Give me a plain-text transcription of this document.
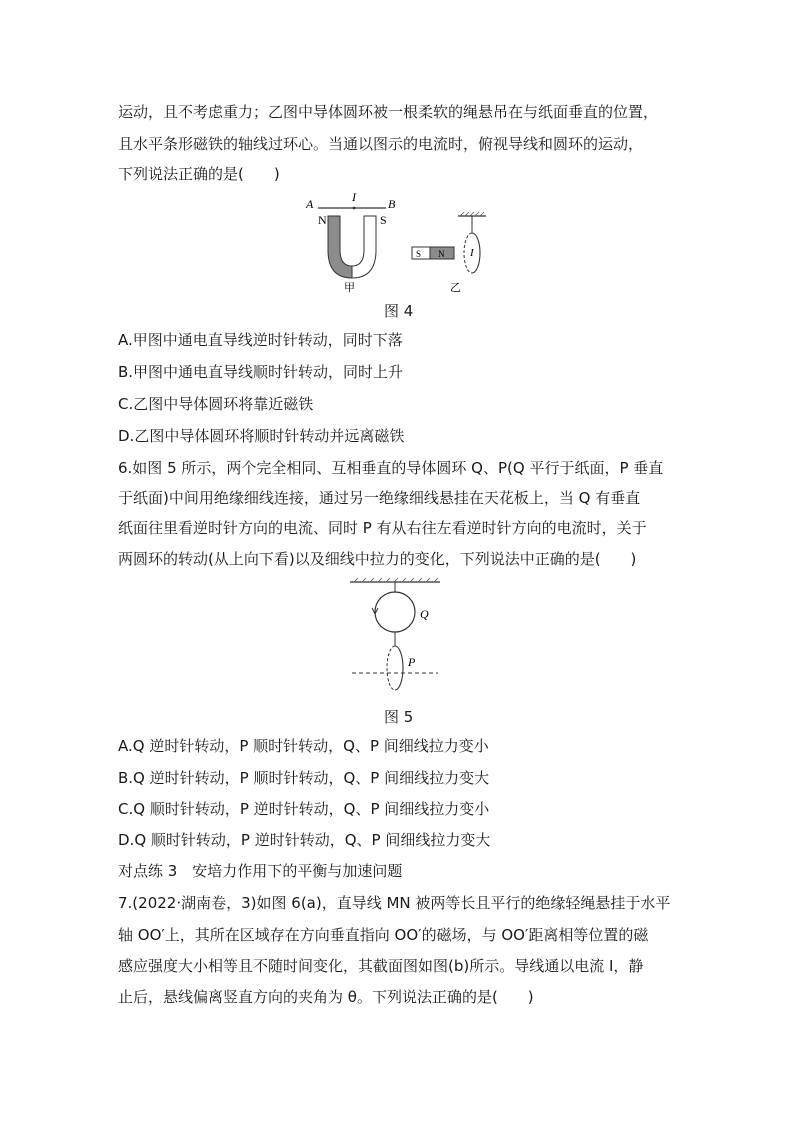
运动，且不考虑重力；乙图中导体圆环被一根柔软的绳悬吊在与纸面垂直的位置，
且水平条形磁铁的轴线过环心。当通以图示的电流时，俯视导线和圆环的运动，
下列说法正确的是(　　)
A	B
I
N	S
甲
S N I
乙
图 4
A.甲图中通电直导线逆时针转动，同时下落
B.甲图中通电直导线顺时针转动，同时上升
C.乙图中导体圆环将靠近磁铁
D.乙图中导体圆环将顺时针转动并远离磁铁
6.如图 5 所示，两个完全相同、互相垂直的导体圆环 Q、P(Q 平行于纸面，P 垂直
于纸面)中间用绝缘细线连接，通过另一绝缘细线悬挂在天花板上，当 Q 有垂直
纸面往里看逆时针方向的电流、同时 P 有从右往左看逆时针方向的电流时，关于
两圆环的转动(从上向下看)以及细线中拉力的变化，下列说法中正确的是(　　)
Q
P
图 5
A.Q 逆时针转动，P 顺时针转动，Q、P 间细线拉力变小
B.Q 逆时针转动，P 顺时针转动，Q、P 间细线拉力变大
C.Q 顺时针转动，P 逆时针转动，Q、P 间细线拉力变小
D.Q 顺时针转动，P 逆时针转动，Q、P 间细线拉力变大
对点练 3　安培力作用下的平衡与加速问题
7.(2022·湖南卷，3)如图 6(a)，直导线 MN 被两等长且平行的绝缘轻绳悬挂于水平
轴 OO′上，其所在区域存在方向垂直指向 OO′的磁场，与 OO′距离相等位置的磁
感应强度大小相等且不随时间变化，其截面图如图(b)所示。导线通以电流 I，静
止后，悬线偏离竖直方向的夹角为 θ。下列说法正确的是(　　)
